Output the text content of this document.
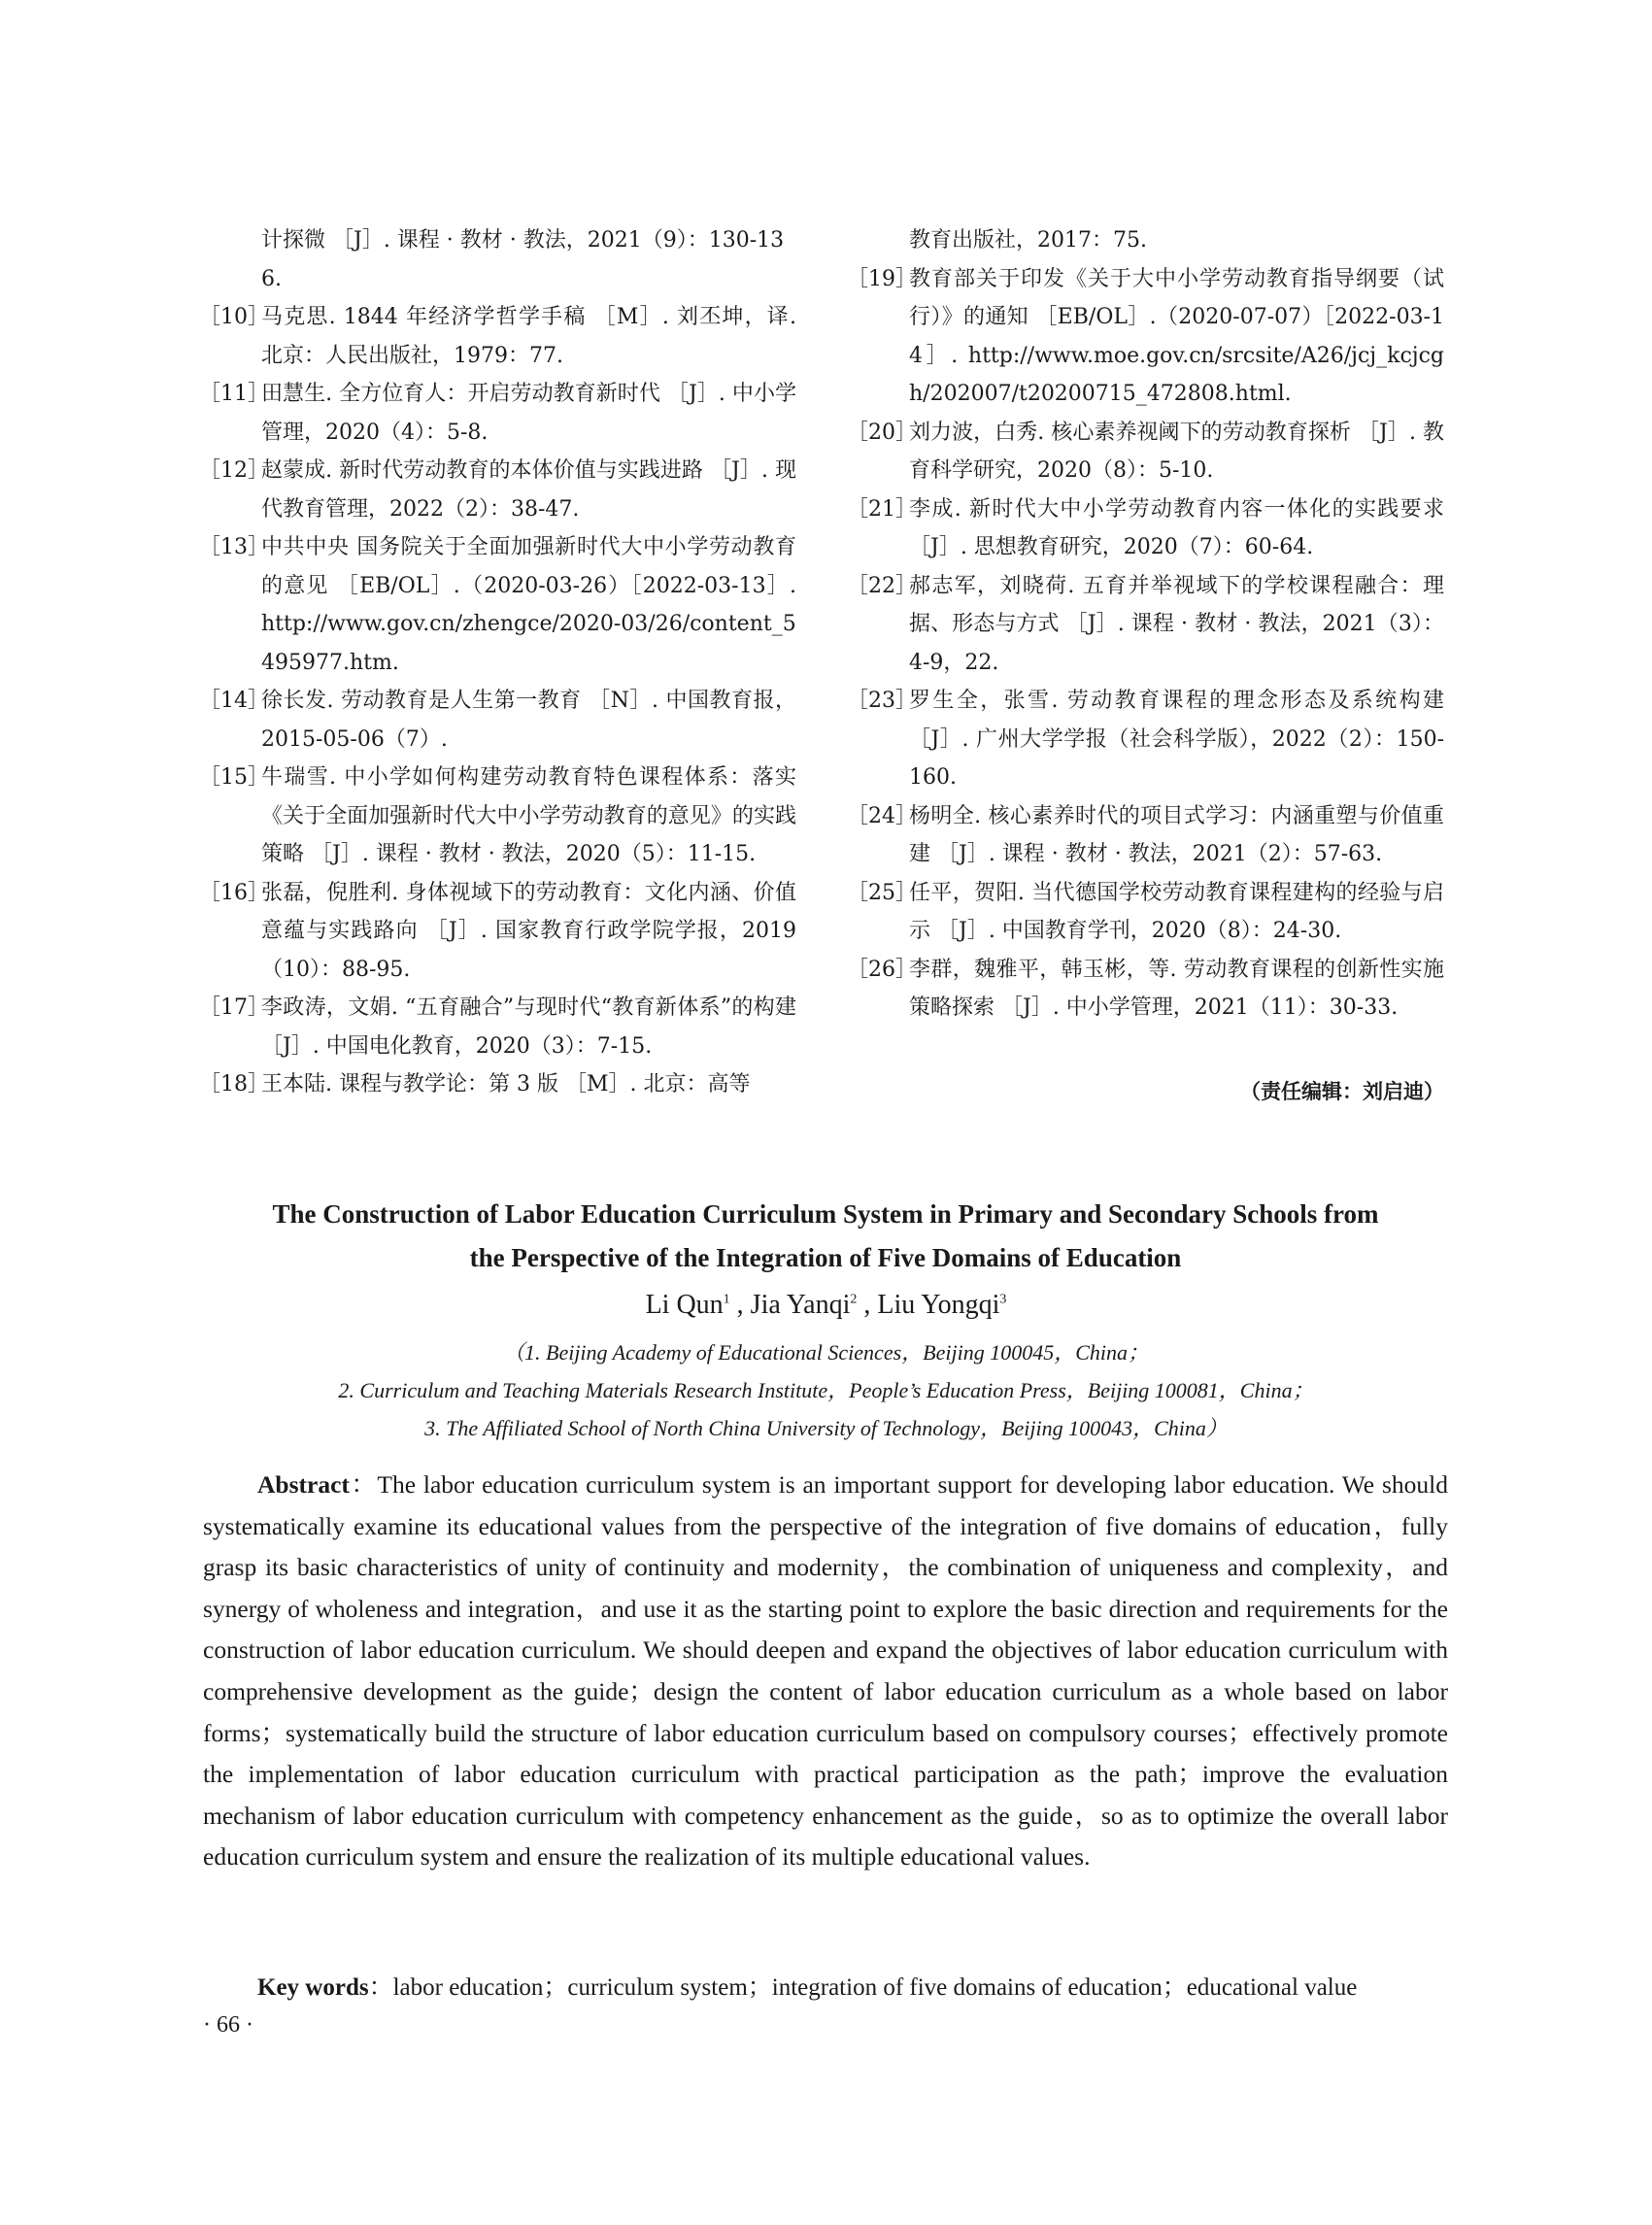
计探微 ［J］. 课程 · 教材 · 教法，2021（9）：130-136.
［10］
马克思. 1844 年经济学哲学手稿 ［M］. 刘丕坤，译. 北京：人民出版社，1979：77.
［11］
田慧生. 全方位育人：开启劳动教育新时代 ［J］. 中小学管理，2020（4）：5-8.
［12］
赵蒙成. 新时代劳动教育的本体价值与实践进路 ［J］. 现代教育管理，2022（2）：38-47.
［13］
中共中央 国务院关于全面加强新时代大中小学劳动教育的意见 ［EB/OL］.（2020-03-26）［2022-03-13］. http://www.gov.cn/zhengce/2020-03/26/content_5495977.htm.
［14］
徐长发. 劳动教育是人生第一教育 ［N］. 中国教育报，2015-05-06（7）.
［15］
牛瑞雪. 中小学如何构建劳动教育特色课程体系：落实《关于全面加强新时代大中小学劳动教育的意见》的实践策略 ［J］. 课程 · 教材 · 教法，2020（5）：11-15.
［16］
张磊，倪胜利. 身体视域下的劳动教育：文化内涵、价值意蕴与实践路向 ［J］. 国家教育行政学院学报，2019（10）：88-95.
［17］
李政涛，文娟. “五育融合”与现时代“教育新体系”的构建 ［J］. 中国电化教育，2020（3）：7-15.
［18］
王本陆. 课程与教学论：第 3 版 ［M］. 北京：高等
教育出版社，2017：75.
［19］
教育部关于印发《关于大中小学劳动教育指导纲要（试行）》的通知 ［EB/OL］.（2020-07-07）［2022-03-14］. http://www.moe.gov.cn/srcsite/A26/jcj_kcjcgh/202007/t20200715_472808.html.
［20］
刘力波，白秀. 核心素养视阈下的劳动教育探析 ［J］. 教育科学研究，2020（8）：5-10.
［21］
李成. 新时代大中小学劳动教育内容一体化的实践要求 ［J］. 思想教育研究，2020（7）：60-64.
［22］
郝志军，刘晓荷. 五育并举视域下的学校课程融合：理据、形态与方式 ［J］. 课程 · 教材 · 教法，2021（3）：4-9，22.
［23］
罗生全，张雪. 劳动教育课程的理念形态及系统构建 ［J］. 广州大学学报（社会科学版），2022（2）：150-160.
［24］
杨明全. 核心素养时代的项目式学习：内涵重塑与价值重建 ［J］. 课程 · 教材 · 教法，2021（2）：57-63.
［25］
任平，贺阳. 当代德国学校劳动教育课程建构的经验与启示 ［J］. 中国教育学刊，2020（8）：24-30.
［26］
李群，魏雅平，韩玉彬，等. 劳动教育课程的创新性实施策略探索 ［J］. 中小学管理，2021（11）：30-33.
（责任编辑：刘启迪）
The Construction of Labor Education Curriculum System in Primary and Secondary Schools from
the Perspective of the Integration of Five Domains of Education
Li Qun$^1$ , Jia Yanqi$^2$ , Liu Yongqi$^3$
（1. Beijing Academy of Educational Sciences，Beijing 100045，China；
2. Curriculum and Teaching Materials Research Institute，People’s Education Press，Beijing 100081，China；
3. The Affiliated School of North China University of Technology，Beijing 100043，China）
Abstract：The labor education curriculum system is an important support for developing labor education. We should systematically examine its educational values from the perspective of the integration of five domains of education，fully grasp its basic characteristics of unity of continuity and modernity，the combination of uniqueness and complexity，and synergy of wholeness and integration，and use it as the starting point to explore the basic direction and requirements for the construction of labor education curriculum. We should deepen and expand the objectives of labor education curriculum with comprehensive development as the guide；design the content of labor education curriculum as a whole based on labor forms；systematically build the structure of labor education curriculum based on compulsory courses；effectively promote the implementation of labor education curriculum with practical participation as the path；improve the evaluation mechanism of labor education curriculum with competency enhancement as the guide，so as to optimize the overall labor education curriculum system and ensure the realization of its multiple educational values.
Key words：labor education；curriculum system；integration of five domains of education；educational value
· 66 ·
